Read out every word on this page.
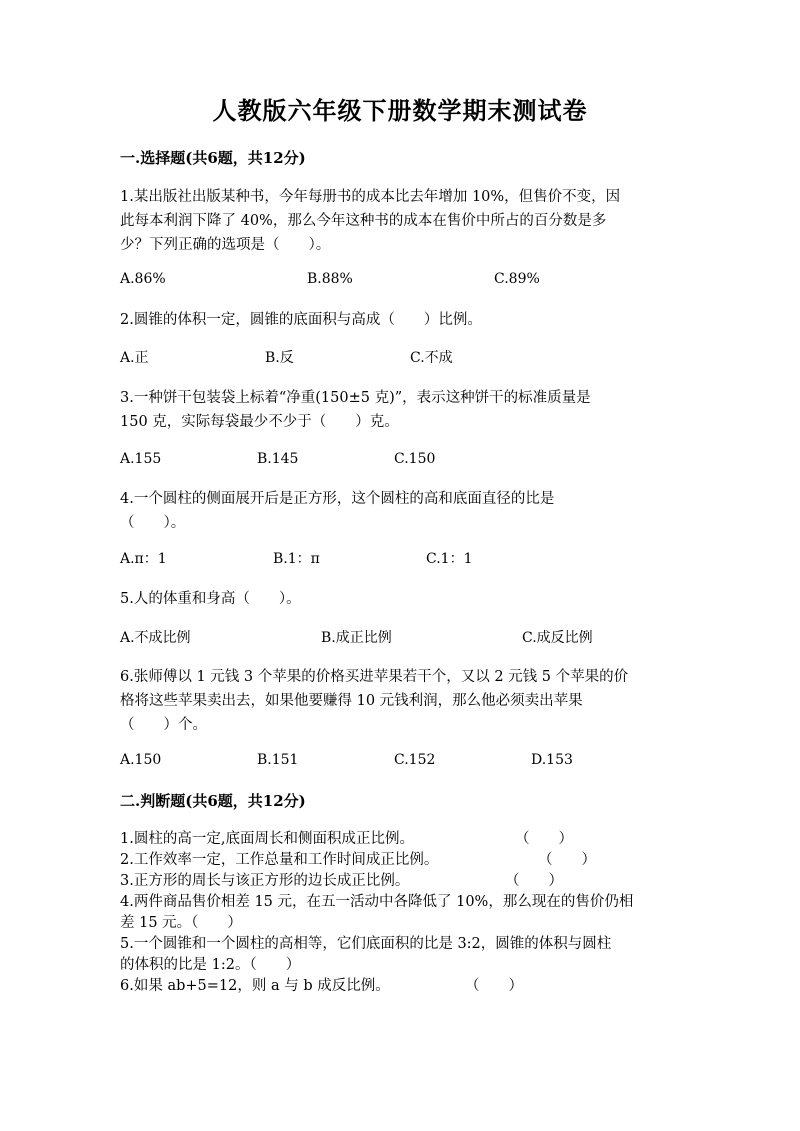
人教版六年级下册数学期末测试卷
一.选择题(共6题，共12分)
1.某出版社出版某种书，今年每册书的成本比去年增加 10%，但售价不变，因
此每本利润下降了 40%，那么今年这种书的成本在售价中所占的百分数是多
少？下列正确的选项是（　　）。
A.86%	B.88%	C.89%
2.圆锥的体积一定，圆锥的底面积与高成（　　）比例。
A.正	B.反	C.不成
3.一种饼干包装袋上标着“净重(150±5 克)”，表示这种饼干的标准质量是
150 克，实际每袋最少不少于（　　）克。
A.155	B.145	C.150
4.一个圆柱的侧面展开后是正方形，这个圆柱的高和底面直径的比是
（　　）。
A.π：1	B.1：π	C.1：1
5.人的体重和身高（　　）。
A.不成比例	B.成正比例	C.成反比例
6.张师傅以 1 元钱 3 个苹果的价格买进苹果若干个，又以 2 元钱 5 个苹果的价
格将这些苹果卖出去，如果他要赚得 10 元钱利润，那么他必须卖出苹果
（　　）个。
A.150	B.151	C.152	D.153
二.判断题(共6题，共12分)
1.圆柱的高一定,底面周长和侧面积成正比例。	（　　）
2.工作效率一定，工作总量和工作时间成正比例。	（　　）
3.正方形的周长与该正方形的边长成正比例。	（　　）
4.两件商品售价相差 15 元，在五一活动中各降低了 10%，那么现在的售价仍相
差 15 元。（　　）
5.一个圆锥和一个圆柱的高相等，它们底面积的比是 3:2，圆锥的体积与圆柱
的体积的比是 1:2。（　　）
6.如果 ab+5=12，则 a 与 b 成反比例。	（　　）
